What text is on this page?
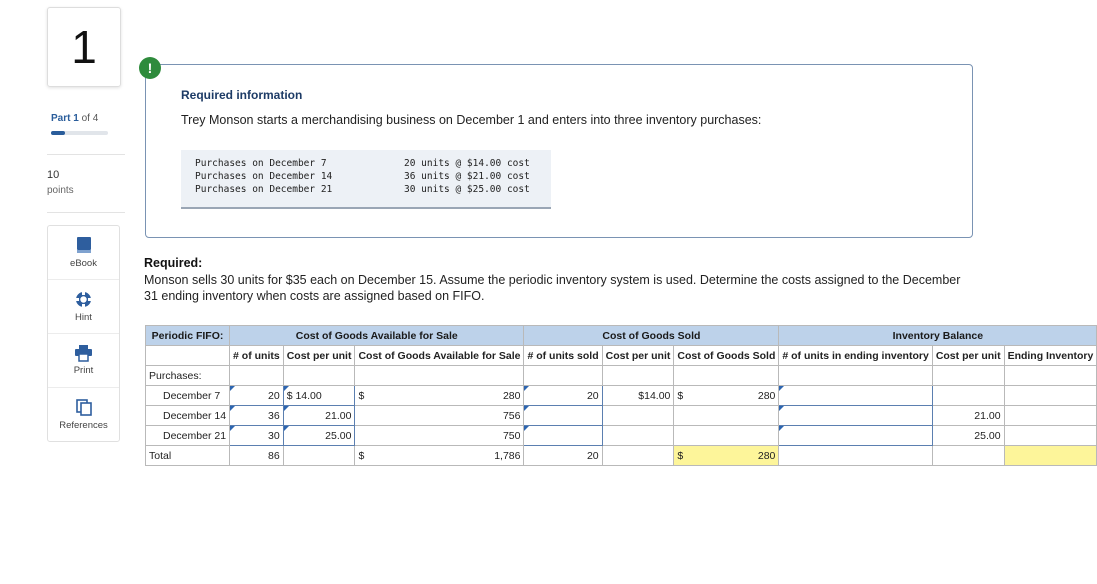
1
Part 1 of 4
10
points
eBook
Hint
Print
References
!
Required information
Trey Monson starts a merchandising business on December 1 and enters into three inventory purchases:
Purchases on December 7	20 units @ $14.00 cost
Purchases on December 14	36 units @ $21.00 cost
Purchases on December 21	30 units @ $25.00 cost
Required:
Monson sells 30 units for $35 each on December 15. Assume the periodic inventory system is used. Determine the costs assigned to the December 31 ending inventory when costs are assigned based on FIFO.
Periodic FIFO:	Cost of Goods Available for Sale			Cost of Goods Sold			Inventory Balance		
	# of units	Cost per unit	Cost of Goods Available for Sale	# of units sold	Cost per unit	Cost of Goods Sold	# of units in ending inventory	Cost per unit	Ending Inventory
Purchases:									
December 7	20	$ 14.00	$ 280	20	$14.00	$ 280			
December 14	36	21.00	756					21.00	
December 21	30	25.00	750					25.00	
Total	86		$ 1,786	20		$ 280			
